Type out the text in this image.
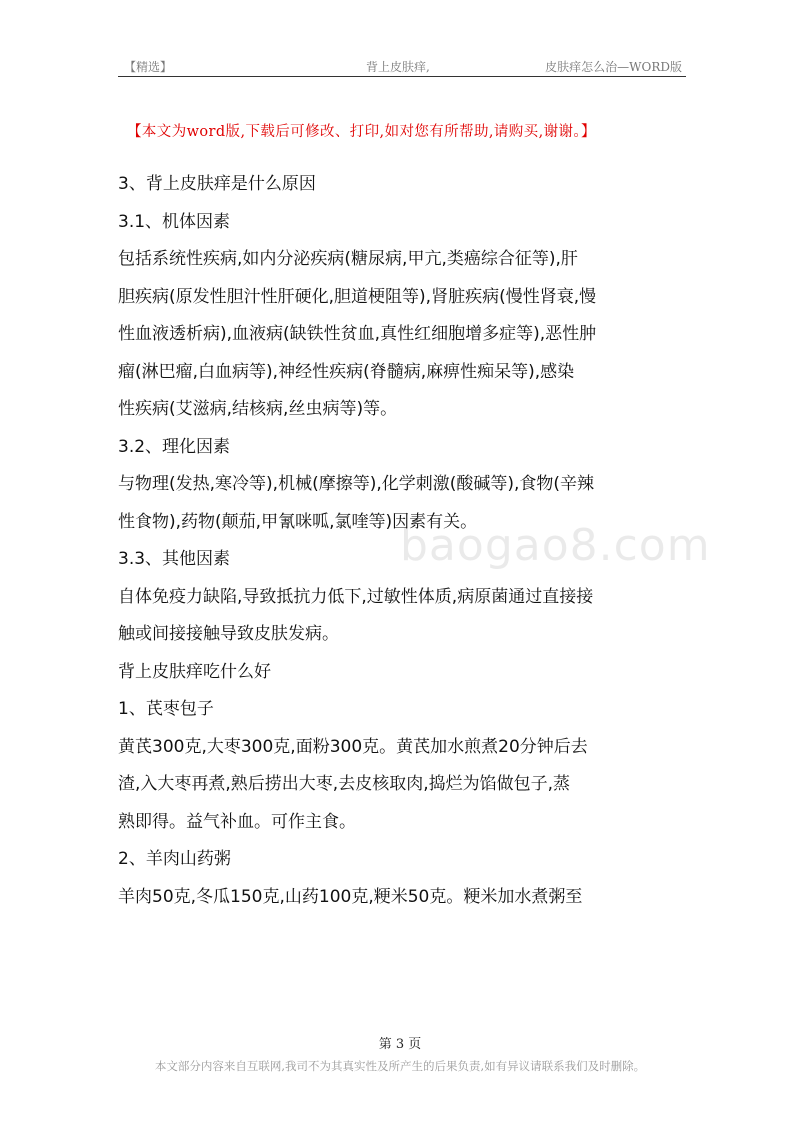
【精选】	背上皮肤痒,	皮肤痒怎么治—WORD版
【本文为word版,下载后可修改、打印,如对您有所帮助,请购买,谢谢。】
baogao8.com

3、背上皮肤痒是什么原因

3.1、机体因素

包括系统性疾病,如内分泌疾病(糖尿病,甲亢,类癌综合征等),肝

胆疾病(原发性胆汁性肝硬化,胆道梗阻等),肾脏疾病(慢性肾衰,慢

性血液透析病),血液病(缺铁性贫血,真性红细胞增多症等),恶性肿

瘤(淋巴瘤,白血病等),神经性疾病(脊髓病,麻痹性痴呆等),感染

性疾病(艾滋病,结核病,丝虫病等)等。

3.2、理化因素

与物理(发热,寒冷等),机械(摩擦等),化学刺激(酸碱等),食物(辛辣

性食物),药物(颠茄,甲氰咪呱,氯喹等)因素有关。

3.3、其他因素

自体免疫力缺陷,导致抵抗力低下,过敏性体质,病原菌通过直接接

触或间接接触导致皮肤发病。

背上皮肤痒吃什么好

1、芪枣包子

黄芪300克,大枣300克,面粉300克。黄芪加水煎煮20分钟后去

渣,入大枣再煮,熟后捞出大枣,去皮核取肉,捣烂为馅做包子,蒸

熟即得。益气补血。可作主食。

2、羊肉山药粥

羊肉50克,冬瓜150克,山药100克,粳米50克。粳米加水煮粥至

第 3 页
本文部分内容来自互联网,我司不为其真实性及所产生的后果负责,如有异议请联系我们及时删除。
